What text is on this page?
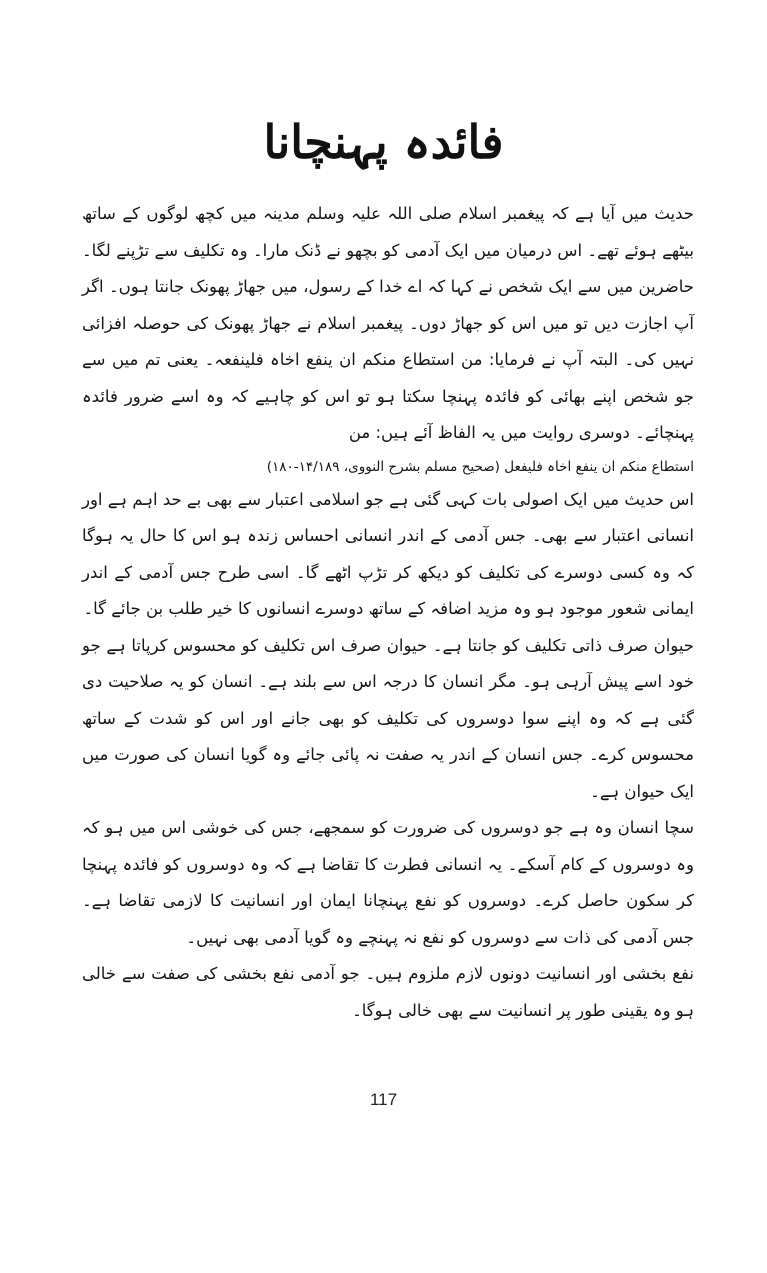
فائدہ پہنچانا

حدیث میں آیا ہے کہ پیغمبر اسلام صلی اللہ علیہ وسلم مدینہ میں کچھ لوگوں کے ساتھ بیٹھے ہوئے تھے۔ اس درمیان میں ایک آدمی کو بچھو نے ڈنک مارا۔ وہ تکلیف سے تڑپنے لگا۔ حاضرین میں سے ایک شخص نے کہا کہ اے خدا کے رسول، میں جھاڑ پھونک جانتا ہوں۔ اگر آپ اجازت دیں تو میں اس کو جھاڑ دوں۔ پیغمبر اسلام نے جھاڑ پھونک کی حوصلہ افزائی نہیں کی۔ البتہ آپ نے فرمایا: من استطاع منکم ان ینفع اخاہ فلینفعہ۔ یعنی تم میں سے جو شخص اپنے بھائی کو فائدہ پہنچا سکتا ہو تو اس کو چاہیے کہ وہ اسے ضرور فائدہ پہنچائے۔ دوسری روایت میں یہ الفاظ آئے ہیں: من

استطاع منکم ان ینفع اخاہ فلیفعل (صحیح مسلم بشرح النووی، ۱۴/۱۸۹-۱۸۰)

اس حدیث میں ایک اصولی بات کہی گئی ہے جو اسلامی اعتبار سے بھی بے حد اہم ہے اور انسانی اعتبار سے بھی۔ جس آدمی کے اندر انسانی احساس زندہ ہو اس کا حال یہ ہوگا کہ وہ کسی دوسرے کی تکلیف کو دیکھ کر تڑپ اٹھے گا۔ اسی طرح جس آدمی کے اندر ایمانی شعور موجود ہو وہ مزید اضافہ کے ساتھ دوسرے انسانوں کا خیر طلب بن جائے گا۔

حیوان صرف ذاتی تکلیف کو جانتا ہے۔ حیوان صرف اس تکلیف کو محسوس کرپاتا ہے جو خود اسے پیش آرہی ہو۔ مگر انسان کا درجہ اس سے بلند ہے۔ انسان کو یہ صلاحیت دی گئی ہے کہ وہ اپنے سوا دوسروں کی تکلیف کو بھی جانے اور اس کو شدت کے ساتھ محسوس کرے۔ جس انسان کے اندر یہ صفت نہ پائی جائے وہ گویا انسان کی صورت میں ایک حیوان ہے۔

سچا انسان وہ ہے جو دوسروں کی ضرورت کو سمجھے، جس کی خوشی اس میں ہو کہ وہ دوسروں کے کام آسکے۔ یہ انسانی فطرت کا تقاضا ہے کہ وہ دوسروں کو فائدہ پہنچا کر سکون حاصل کرے۔ دوسروں کو نفع پہنچانا ایمان اور انسانیت کا لازمی تقاضا ہے۔ جس آدمی کی ذات سے دوسروں کو نفع نہ پہنچے وہ گویا آدمی بھی نہیں۔

نفع بخشی اور انسانیت دونوں لازم ملزوم ہیں۔ جو آدمی نفع بخشی کی صفت سے خالی ہو وہ یقینی طور پر انسانیت سے بھی خالی ہوگا۔

117
